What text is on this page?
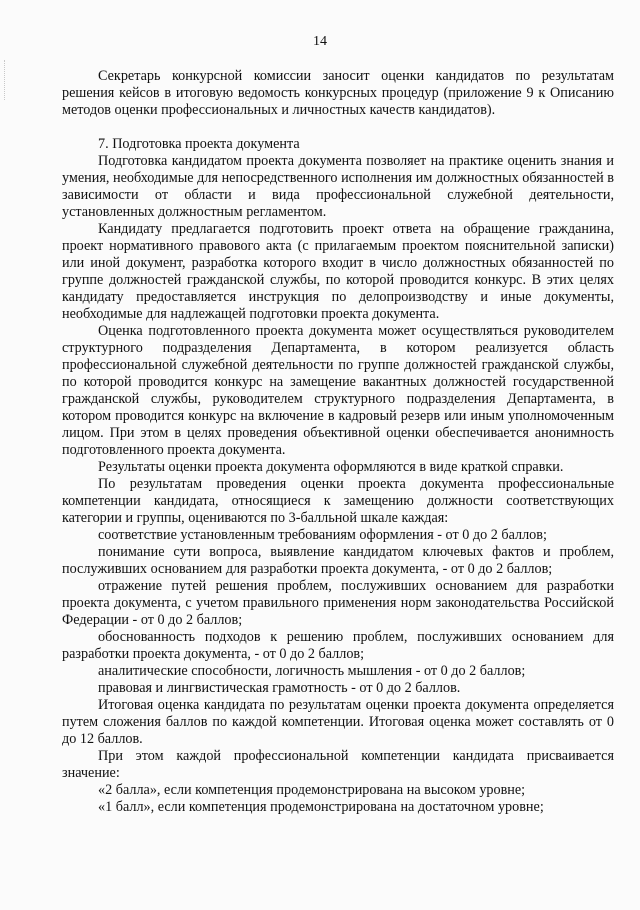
14

Секретарь конкурсной комиссии заносит оценки кандидатов по результатам решения кейсов в итоговую ведомость конкурсных процедур (приложение 9 к Описанию методов оценки профессиональных и личностных качеств кандидатов).

7. Подготовка проекта документа

Подготовка кандидатом проекта документа позволяет на практике оценить знания и умения, необходимые для непосредственного исполнения им должностных обязанностей в зависимости от области и вида профессиональной служебной деятельности, установленных должностным регламентом.

Кандидату предлагается подготовить проект ответа на обращение гражданина, проект нормативного правового акта (с прилагаемым проектом пояснительной записки) или иной документ, разработка которого входит в число должностных обязанностей по группе должностей гражданской службы, по которой проводится конкурс. В этих целях кандидату предоставляется инструкция по делопроизводству и иные документы, необходимые для надлежащей подготовки проекта документа.

Оценка подготовленного проекта документа может осуществляться руководителем структурного подразделения Департамента, в котором реализуется область профессиональной служебной деятельности по группе должностей гражданской службы, по которой проводится конкурс на замещение вакантных должностей государственной гражданской службы, руководителем структурного подразделения Департамента, в котором проводится конкурс на включение в кадровый резерв или иным уполномоченным лицом. При этом в целях проведения объективной оценки обеспечивается анонимность подготовленного проекта документа.

Результаты оценки проекта документа оформляются в виде краткой справки.

По результатам проведения оценки проекта документа профессиональные компетенции кандидата, относящиеся к замещению должности соответствующих категории и группы, оцениваются по 3-балльной шкале каждая:

соответствие установленным требованиям оформления - от 0 до 2 баллов;

понимание сути вопроса, выявление кандидатом ключевых фактов и проблем, послуживших основанием для разработки проекта документа, - от 0 до 2 баллов;

отражение путей решения проблем, послуживших основанием для разработки проекта документа, с учетом правильного применения норм законодательства Российской Федерации - от 0 до 2 баллов;

обоснованность подходов к решению проблем, послуживших основанием для разработки проекта документа, - от 0 до 2 баллов;

аналитические способности, логичность мышления - от 0 до 2 баллов;

правовая и лингвистическая грамотность - от 0 до 2 баллов.

Итоговая оценка кандидата по результатам оценки проекта документа определяется путем сложения баллов по каждой компетенции. Итоговая оценка может составлять от 0 до 12 баллов.

При этом каждой профессиональной компетенции кандидата присваивается значение:

«2 балла», если компетенция продемонстрирована на высоком уровне;

«1 балл», если компетенция продемонстрирована на достаточном уровне;
